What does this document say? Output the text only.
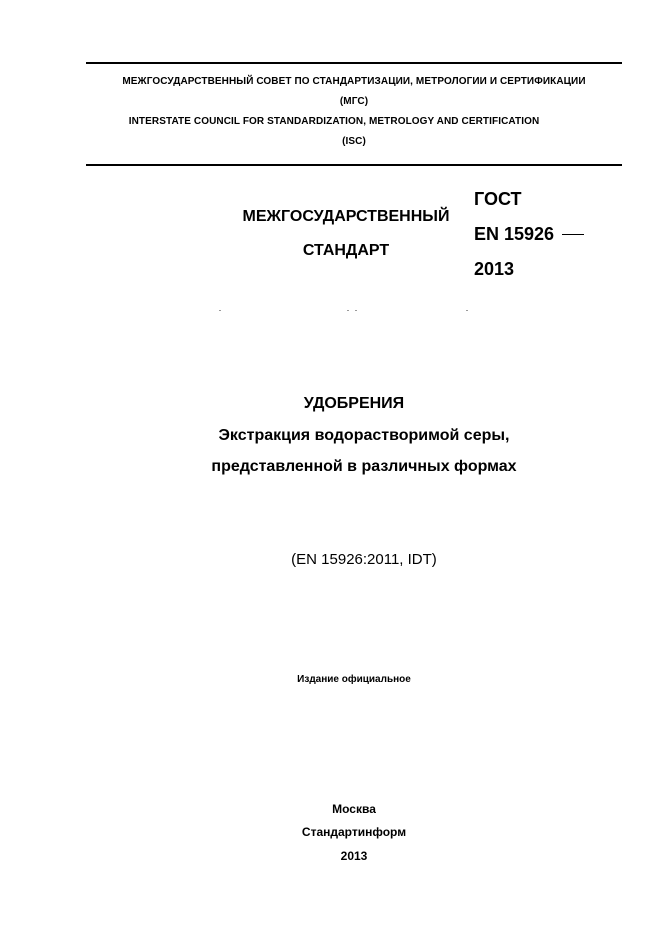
МЕЖГОСУДАРСТВЕННЫЙ СОВЕТ ПО СТАНДАРТИЗАЦИИ, МЕТРОЛОГИИ И СЕРТИФИКАЦИИ
(МГС)
INTERSTATE COUNCIL FOR STANDARDIZATION, METROLOGY AND CERTIFICATION
(ISC)
МЕЖГОСУДАРСТВЕННЫЙ
СТАНДАРТ
ГОСТ
EN 15926
2013
УДОБРЕНИЯ
Экстракция водорастворимой серы,
представленной в различных формах
(EN 15926:2011, IDT)
Издание официальное
Москва
Стандартинформ
2013
